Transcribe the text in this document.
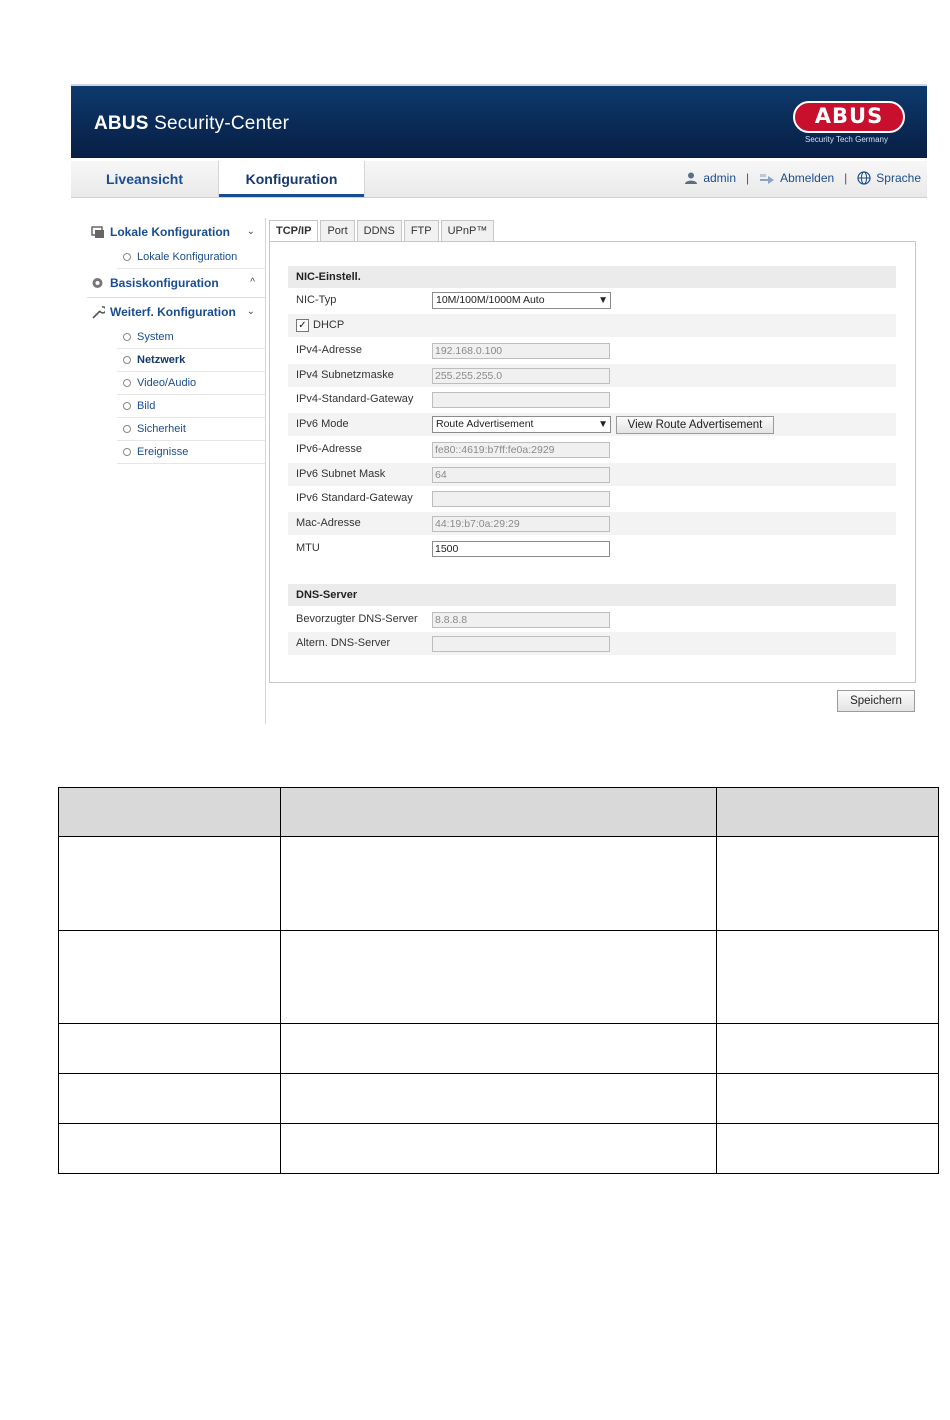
ABUS Security-Center	ABUS
Security Tech Germany
Liveansicht	Konfiguration	admin |	Abmelden | Sprache
Lokale Konfiguration ⌄
Lokale Konfiguration
Basiskonfiguration	^
Weiterf. Konfiguration ⌄
System
Netzwerk
Video/Audio
Bild
Sicherheit
Ereignisse
TCP/IP	Port	DDNS	FTP	UPnP™
NIC-Einstell.
NIC-Typ	10M/100M/1000M Auto	▼
✓ DHCP
IPv4-Adresse	192.168.0.100
IPv4 Subnetzmaske	255.255.255.0
IPv4-Standard-Gateway
IPv6 Mode	Route Advertisement	▼	View Route Advertisement
IPv6-Adresse	fe80::4619:b7ff:fe0a:2929
IPv6 Subnet Mask	64
IPv6 Standard-Gateway
Mac-Adresse	44:19:b7:0a:29:29
MTU	1500
DNS-Server
Bevorzugter DNS-Server 8.8.8.8
Altern. DNS-Server
Speichern
